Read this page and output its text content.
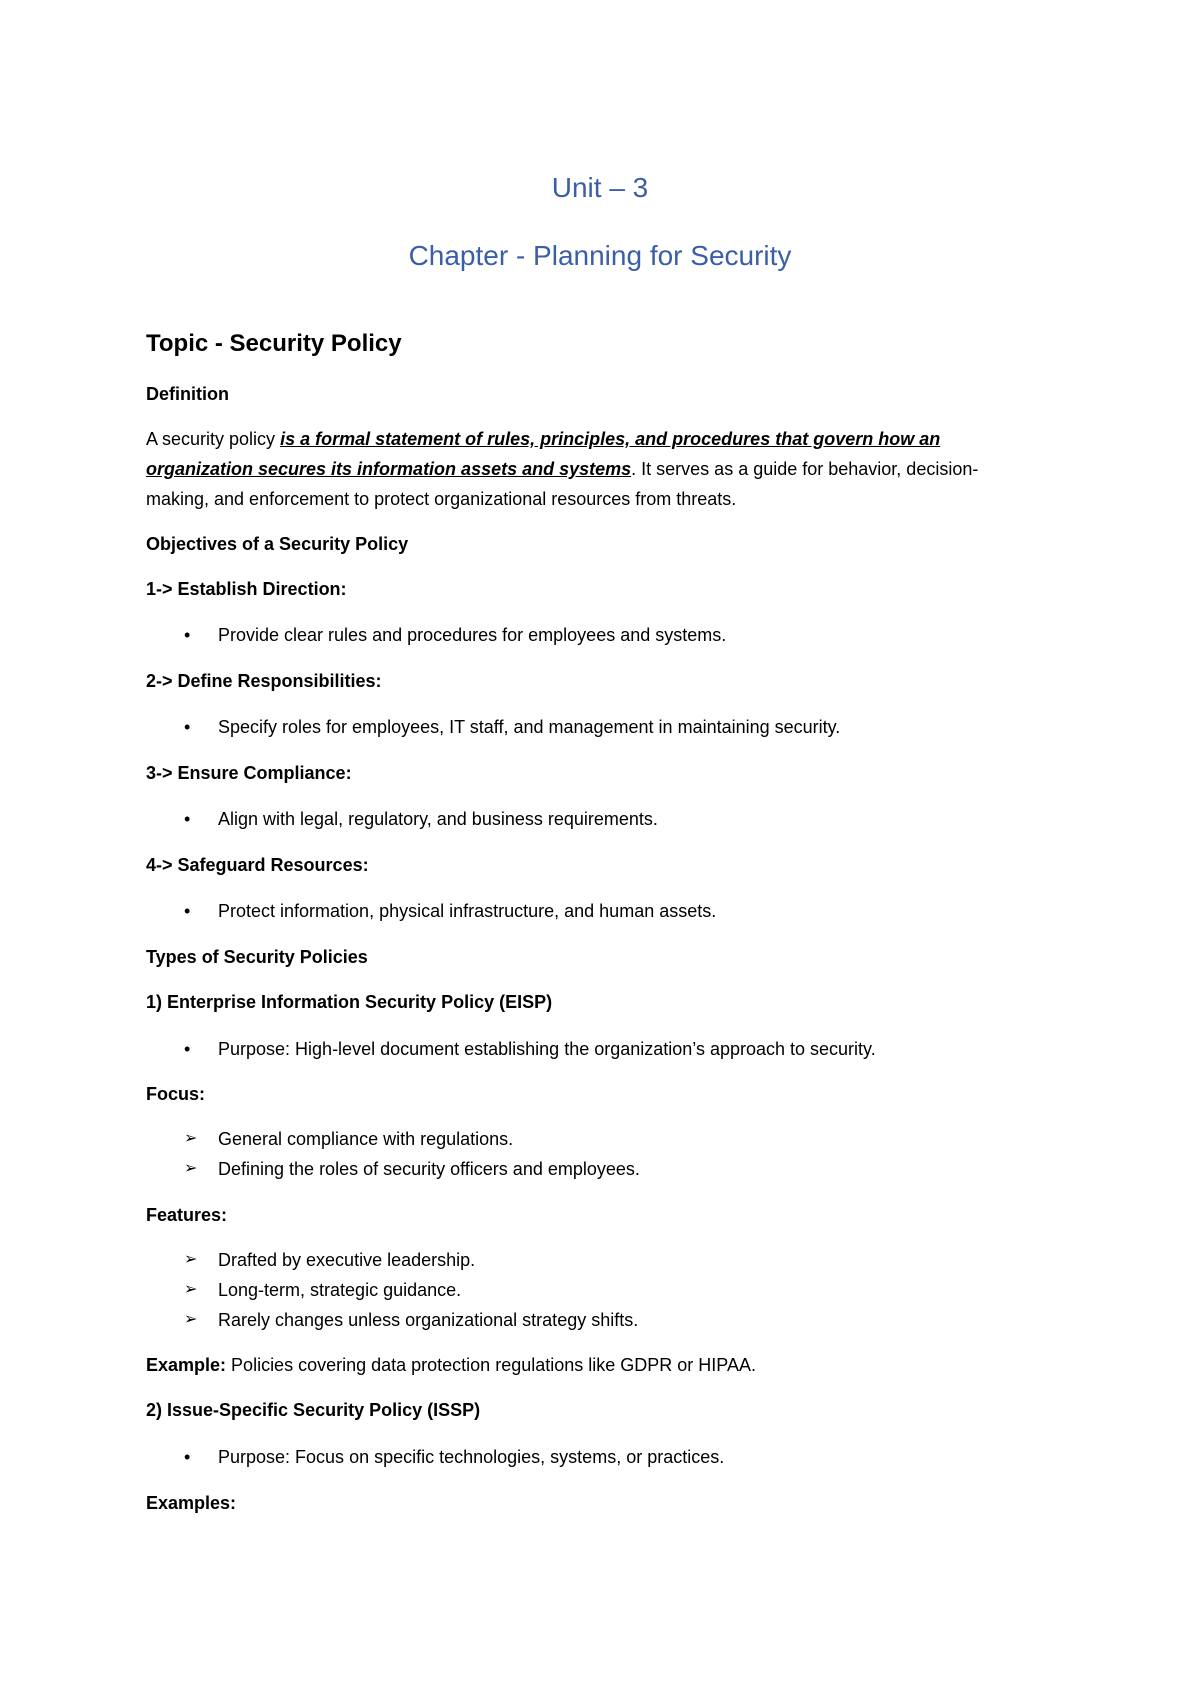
Unit – 3
Chapter - Planning for Security
Topic - Security Policy
Definition
A security policy is a formal statement of rules, principles, and procedures that govern how an
organization secures its information assets and systems. It serves as a guide for behavior, decision-
making, and enforcement to protect organizational resources from threats.
Objectives of a Security Policy
1-> Establish Direction:
• Provide clear rules and procedures for employees and systems.
2-> Define Responsibilities:
• Specify roles for employees, IT staff, and management in maintaining security.
3-> Ensure Compliance:
• Align with legal, regulatory, and business requirements.
4-> Safeguard Resources:
• Protect information, physical infrastructure, and human assets.
Types of Security Policies
1) Enterprise Information Security Policy (EISP)
• Purpose: High-level document establishing the organization’s approach to security.
Focus:
➢ General compliance with regulations.
➢ Defining the roles of security officers and employees.
Features:
➢ Drafted by executive leadership.
➢ Long-term, strategic guidance.
➢ Rarely changes unless organizational strategy shifts.
Example: Policies covering data protection regulations like GDPR or HIPAA.
2) Issue-Specific Security Policy (ISSP)
• Purpose: Focus on specific technologies, systems, or practices.
Examples:
